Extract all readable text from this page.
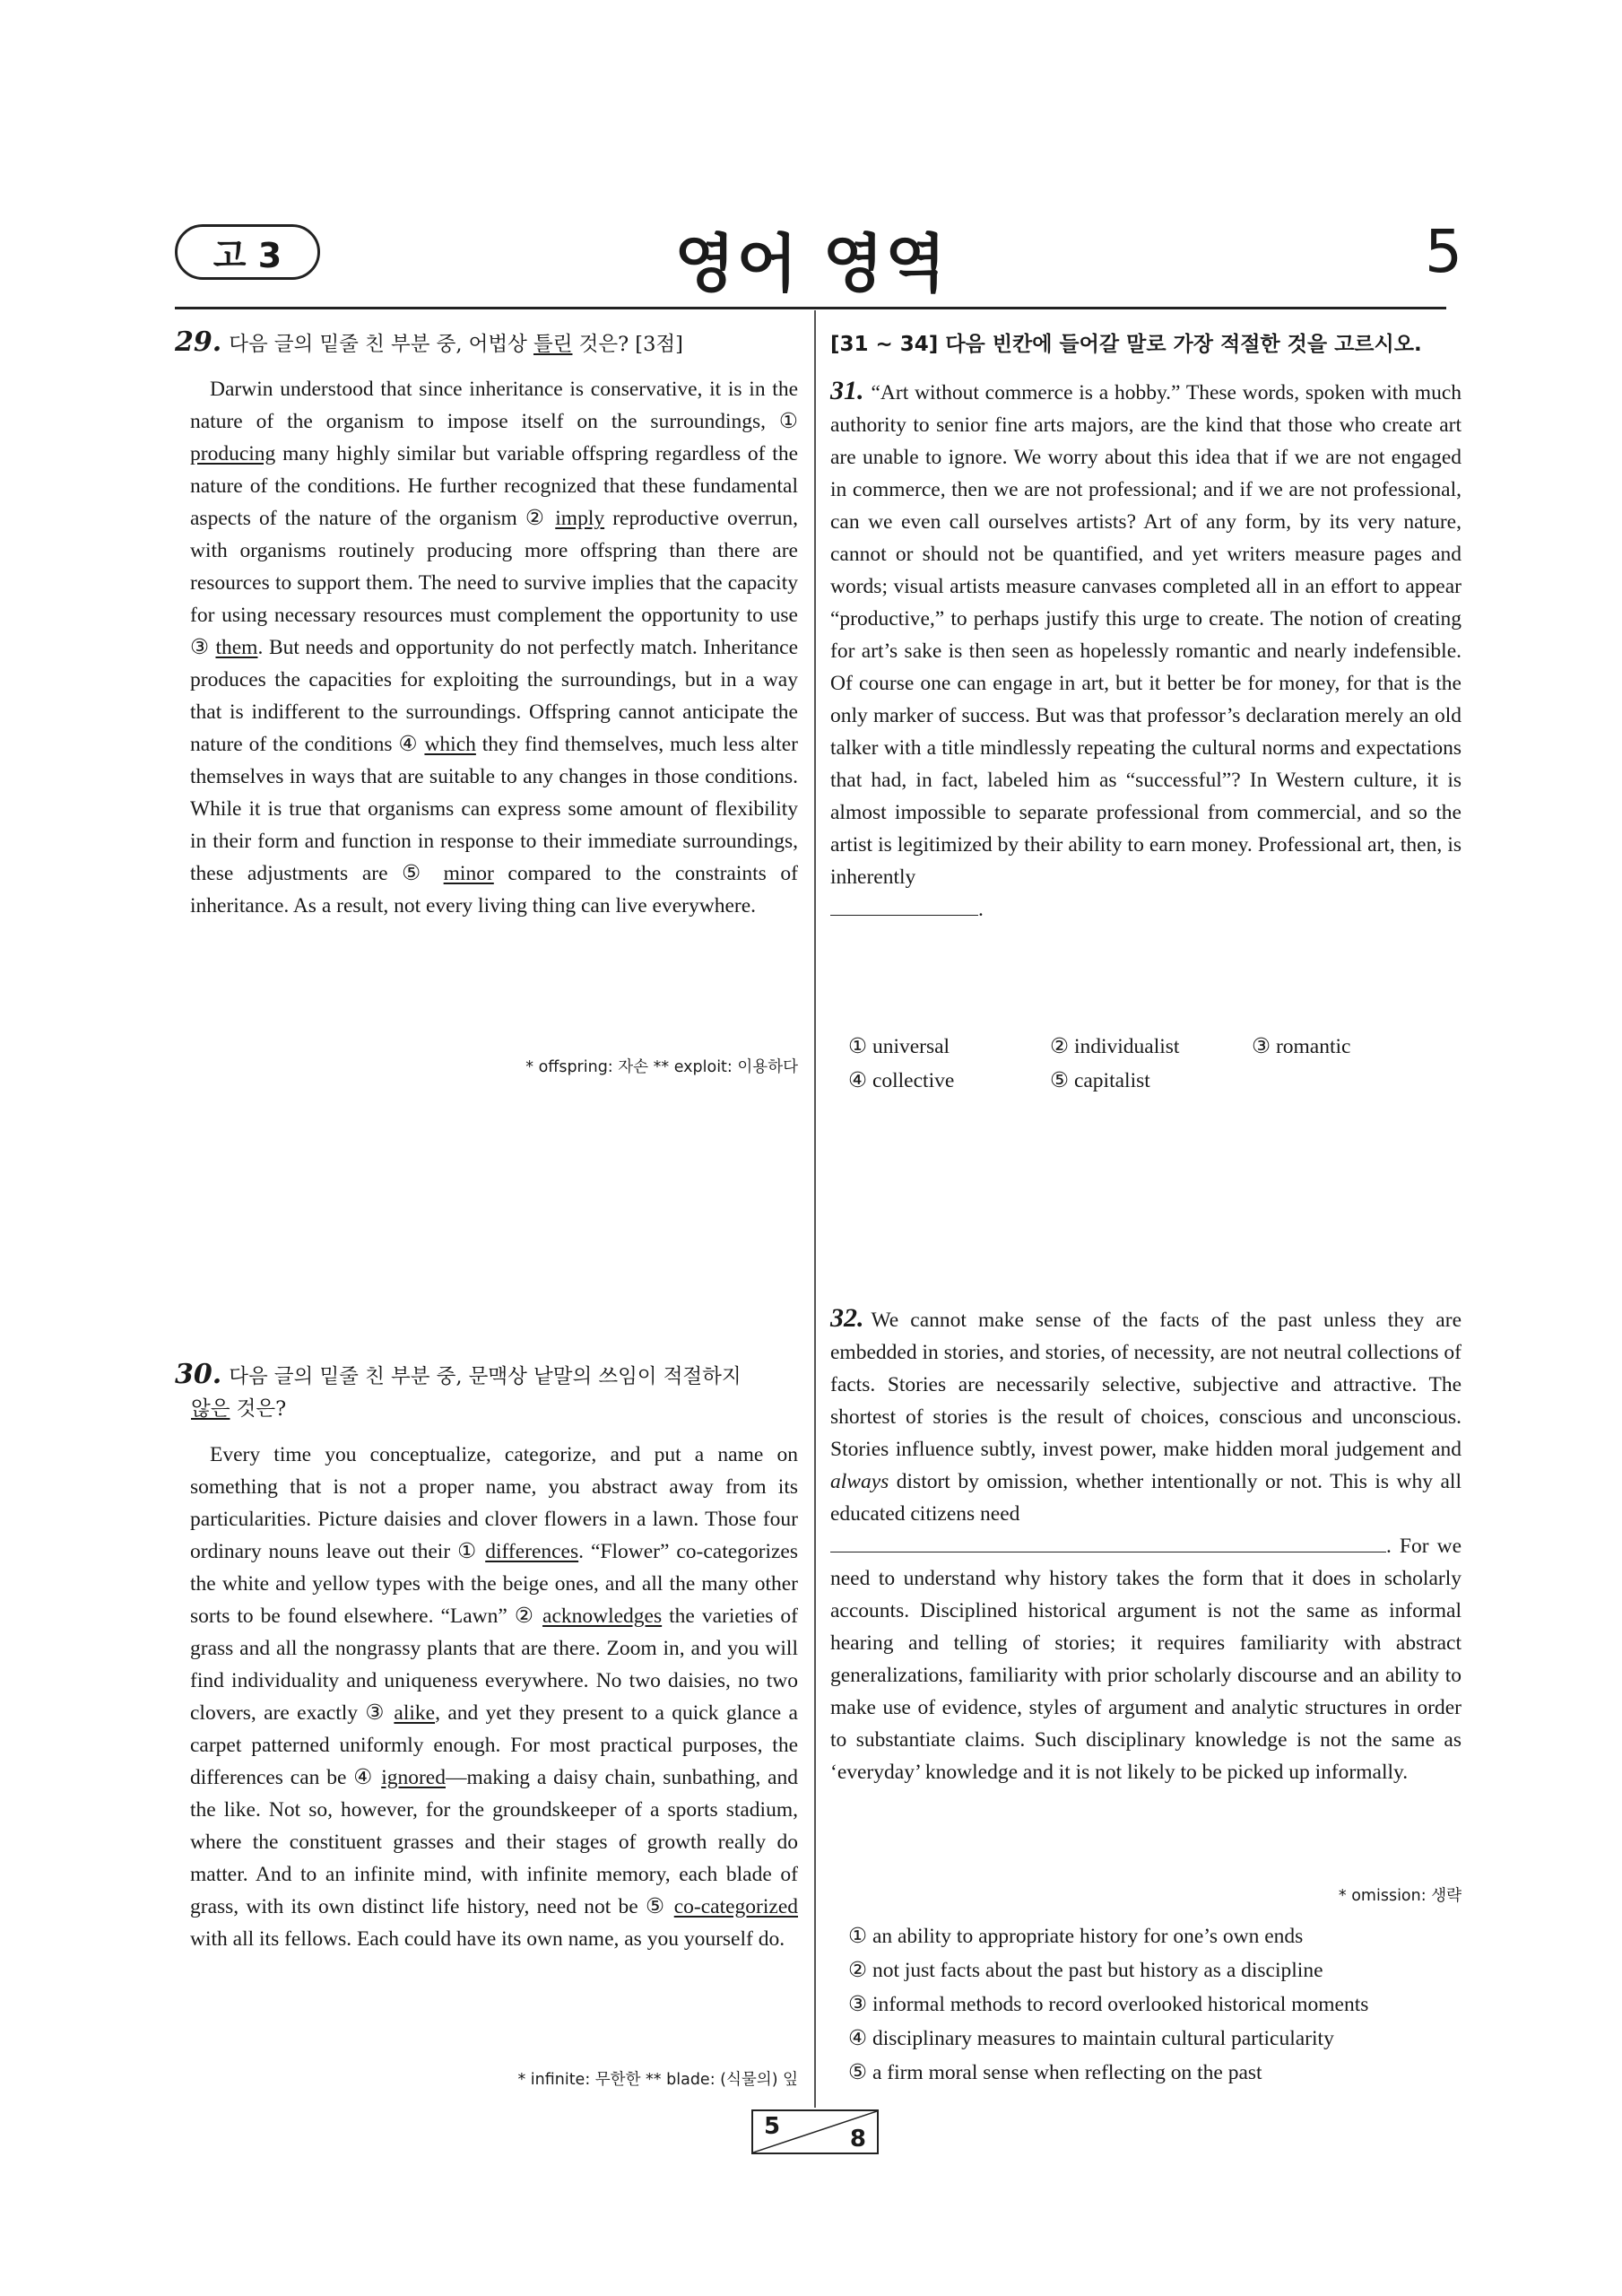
고 3	영어 영역	5
29. 다음 글의 밑줄 친 부분 중, 어법상 틀린 것은? [3점]
Darwin understood that since inheritance is conservative, it is in the nature of the organism to impose itself on the surroundings, ① producing many highly similar but variable offspring regardless of the nature of the conditions. He further recognized that these fundamental aspects of the nature of the organism ② imply reproductive overrun, with organisms routinely producing more offspring than there are resources to support them. The need to survive implies that the capacity for using necessary resources must complement the opportunity to use ③ them. But needs and opportunity do not perfectly match. Inheritance produces the capacities for exploiting the surroundings, but in a way that is indifferent to the surroundings. Offspring cannot anticipate the nature of the conditions ④ which they find themselves, much less alter themselves in ways that are suitable to any changes in those conditions. While it is true that organisms can express some amount of flexibility in their form and function in response to their immediate surroundings, these adjustments are ⑤ minor compared to the constraints of inheritance. As a result, not every living thing can live everywhere.
* offspring: 자손 ** exploit: 이용하다
30. 다음 글의 밑줄 친 부분 중, 문맥상 낱말의 쓰임이 적절하지
않은 것은?
Every time you conceptualize, categorize, and put a name on something that is not a proper name, you abstract away from its particularities. Picture daisies and clover flowers in a lawn. Those four ordinary nouns leave out their ① differences. “Flower” co-categorizes the white and yellow types with the beige ones, and all the many other sorts to be found elsewhere. “Lawn” ② acknowledges the varieties of grass and all the nongrassy plants that are there. Zoom in, and you will find individuality and uniqueness everywhere. No two daisies, no two clovers, are exactly ③ alike, and yet they present to a quick glance a carpet patterned uniformly enough. For most practical purposes, the differences can be ④ ignored—making a daisy chain, sunbathing, and the like. Not so, however, for the groundskeeper of a sports stadium, where the constituent grasses and their stages of growth really do matter. And to an infinite mind, with infinite memory, each blade of grass, with its own distinct life history, need not be ⑤ co-categorized with all its fellows. Each could have its own name, as you yourself do.
* infinite: 무한한 ** blade: (식물의) 잎
[31 ~ 34] 다음 빈칸에 들어갈 말로 가장 적절한 것을 고르시오.
31. “Art without commerce is a hobby.” These words, spoken with much authority to senior fine arts majors, are the kind that those who create art are unable to ignore. We worry about this idea that if we are not engaged in commerce, then we are not professional; and if we are not professional, can we even call ourselves artists? Art of any form, by its very nature, cannot or should not be quantified, and yet writers measure pages and words; visual artists measure canvases completed all in an effort to appear “productive,” to perhaps justify this urge to create. The notion of creating for art’s sake is then seen as hopelessly romantic and nearly indefensible. Of course one can engage in art, but it better be for money, for that is the only marker of success. But was that professor’s declaration merely an old talker with a title mindlessly repeating the cultural norms and expectations that had, in fact, labeled him as “successful”? In Western culture, it is almost impossible to separate professional from commercial, and so the artist is legitimized by their ability to earn money. Professional art, then, is inherently
.
① universal	② individualist	③ romantic
④ collective	⑤ capitalist
32. We cannot make sense of the facts of the past unless they are embedded in stories, and stories, of necessity, are not neutral collections of facts. Stories are necessarily selective, subjective and attractive. The shortest of stories is the result of choices, conscious and unconscious. Stories influence subtly, invest power, make hidden moral judgement and always distort by omission, whether intentionally or not. This is why all educated citizens need
. For we need to understand why history takes the form that it does in scholarly accounts. Disciplined historical argument is not the same as informal hearing and telling of stories; it requires familiarity with abstract generalizations, familiarity with prior scholarly discourse and an ability to make use of evidence, styles of argument and analytic structures in order to substantiate claims. Such disciplinary knowledge is not the same as ‘everyday’ knowledge and it is not likely to be picked up informally.
* omission: 생략
① an ability to appropriate history for one’s own ends
② not just facts about the past but history as a discipline
③ informal methods to record overlooked historical moments
④ disciplinary measures to maintain cultural particularity
⑤ a firm moral sense when reflecting on the past
5	8
